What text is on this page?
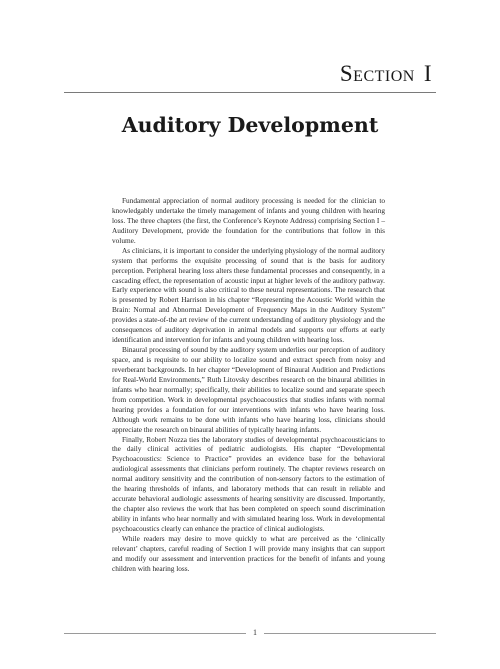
Section I
Auditory Development

Fundamental appreciation of normal auditory processing is needed for the clinician to knowledgably undertake the timely management of infants and young children with hearing loss. The three chapters (the first, the Conference’s Keynote Address) comprising Section I – Auditory Development, provide the foundation for the contributions that follow in this volume.

As clinicians, it is important to consider the underlying physiology of the normal auditory system that performs the exquisite processing of sound that is the basis for auditory perception. Peripheral hearing loss alters these fundamental processes and consequently, in a cascading effect, the representation of acoustic input at higher levels of the auditory pathway. Early experience with sound is also critical to these neural representations. The research that is presented by Robert Harrison in his chapter “Representing the Acoustic World within the Brain: Normal and Abnormal Development of Frequency Maps in the Auditory System” provides a state-of-the art review of the current understanding of auditory physiology and the consequences of auditory deprivation in animal models and supports our efforts at early identification and intervention for infants and young children with hearing loss.

Binaural processing of sound by the auditory system underlies our perception of auditory space, and is requisite to our ability to localize sound and extract speech from noisy and reverberant backgrounds. In her chapter “Development of Binaural Audition and Predictions for Real-World Environments,” Ruth Litovsky describes research on the binaural abilities in infants who hear normally; specifically, their abilities to localize sound and separate speech from competition. Work in developmental psychoacoustics that studies infants with normal hearing provides a foundation for our interventions with infants who have hearing loss. Although work remains to be done with infants who have hearing loss, clinicians should appreciate the research on binaural abilities of typically hearing infants.

Finally, Robert Nozza ties the laboratory studies of developmental psychoacousticians to the daily clinical activities of pediatric audiologists. His chapter “Developmental Psychoacoustics: Science to Practice” provides an evidence base for the behavioral audiological assessments that clinicians perform routinely. The chapter reviews research on normal auditory sensitivity and the contribution of non-sensory factors to the estimation of the hearing thresholds of infants, and laboratory methods that can result in reliable and accurate behavioral audiologic assessments of hearing sensitivity are discussed. Importantly, the chapter also reviews the work that has been completed on speech sound discrimination ability in infants who hear normally and with simulated hearing loss. Work in developmental psychoacoustics clearly can enhance the practice of clinical audiologists.

While readers may desire to move quickly to what are perceived as the ‘clinically relevant’ chapters, careful reading of Section I will provide many insights that can support and modify our assessment and intervention practices for the benefit of infants and young children with hearing loss.

1
